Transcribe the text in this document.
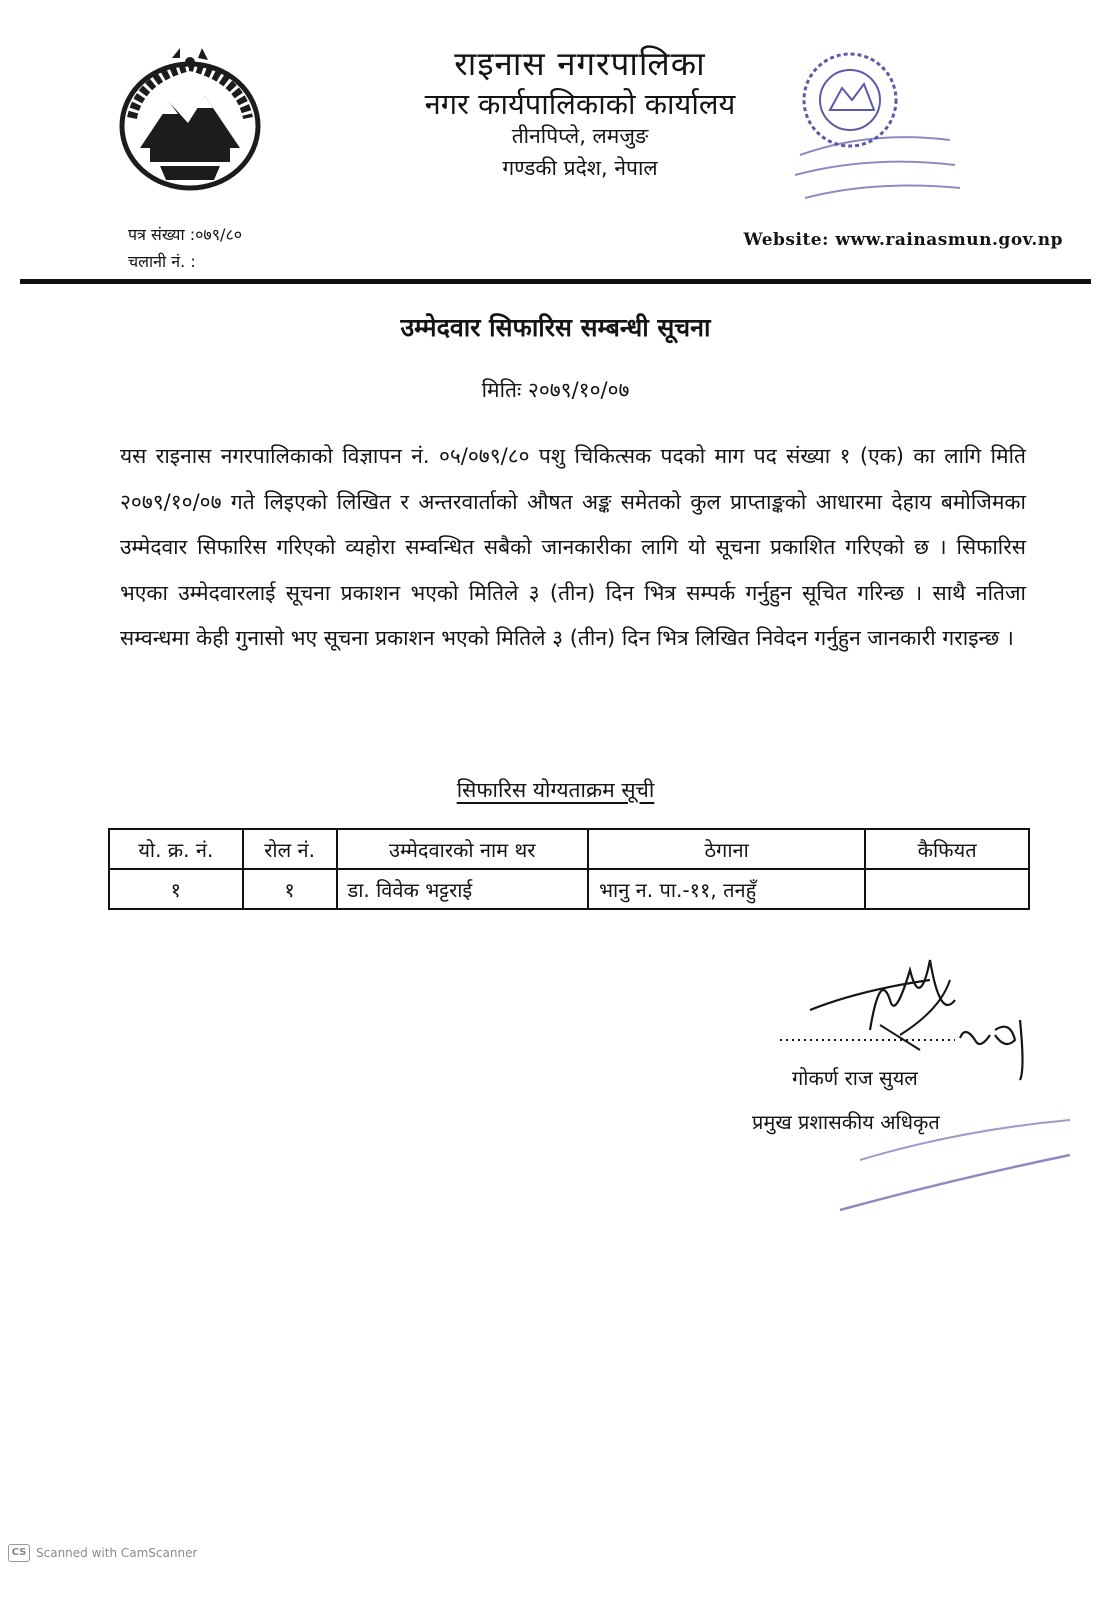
राइनास नगरपालिका
नगर कार्यपालिकाको कार्यालय
तीनपिप्ले, लमजुङ
गण्डकी प्रदेश, नेपाल
पत्र संख्या :०७९/८०
चलानी नं. :
Website: www.rainasmun.gov.np
उम्मेदवार सिफारिस सम्बन्धी सूचना
मितिः २०७९/१०/०७
यस राइनास नगरपालिकाको विज्ञापन नं. ०५/०७९/८० पशु चिकित्सक पदको माग पद संख्या १ (एक) का लागि मिति २०७९/१०/०७ गते लिइएको लिखित र अन्तरवार्ताको औषत अङ्क समेतको कुल प्राप्ताङ्कको आधारमा देहाय बमोजिमका उम्मेदवार सिफारिस गरिएको व्यहोरा सम्वन्धित सबैको जानकारीका लागि यो सूचना प्रकाशित गरिएको छ । सिफारिस भएका उम्मेदवारलाई सूचना प्रकाशन भएको मितिले ३ (तीन) दिन भित्र सम्पर्क गर्नुहुन सूचित गरिन्छ । साथै नतिजा सम्वन्धमा केही गुनासो भए सूचना प्रकाशन भएको मितिले ३ (तीन) दिन भित्र लिखित निवेदन गर्नुहुन जानकारी गराइन्छ ।
सिफारिस योग्यताक्रम सूची
यो. क्र. नं.	रोल नं.	उम्मेदवारको नाम थर	ठेगाना	कैफियत
१	१	डा. विवेक भट्टराई	भानु न. पा.-११, तनहुँ	
गोकर्ण राज सुयल
प्रमुख प्रशासकीय अधिकृत
CS Scanned with CamScanner
